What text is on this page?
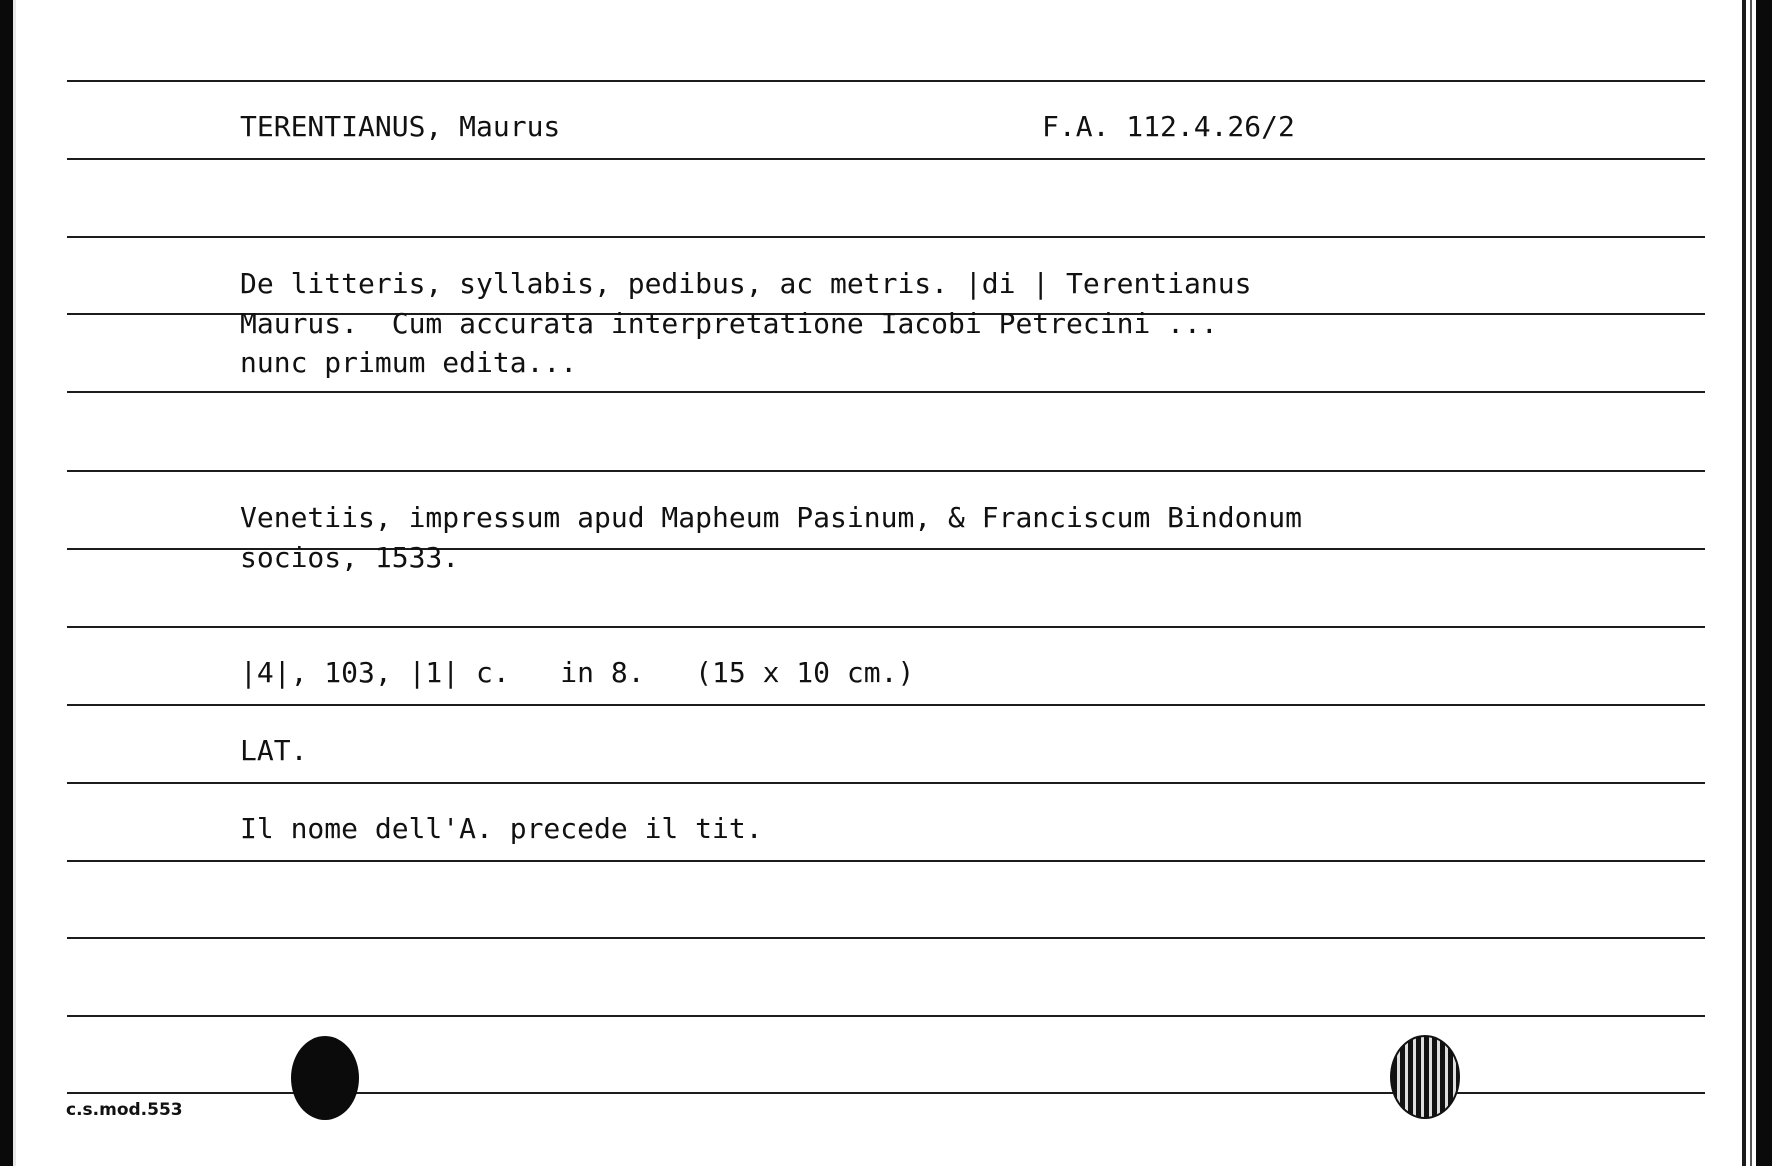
TERENTIANUS, Maurus	F.A. 112.4.26/2
De litteris, syllabis, pedibus, ac metris. |di | Terentianus
Maurus.  Cum accurata interpretatione Iacobi Petrecini ...
nunc primum edita...
Venetiis, impressum apud Mapheum Pasinum, & Franciscum Bindonum
socios, 1533.
|4|, 103, |1| c.   in 8.   (15 x 10 cm.)
LAT.
Il nome dell'A. precede il tit.
c.s.mod.553
